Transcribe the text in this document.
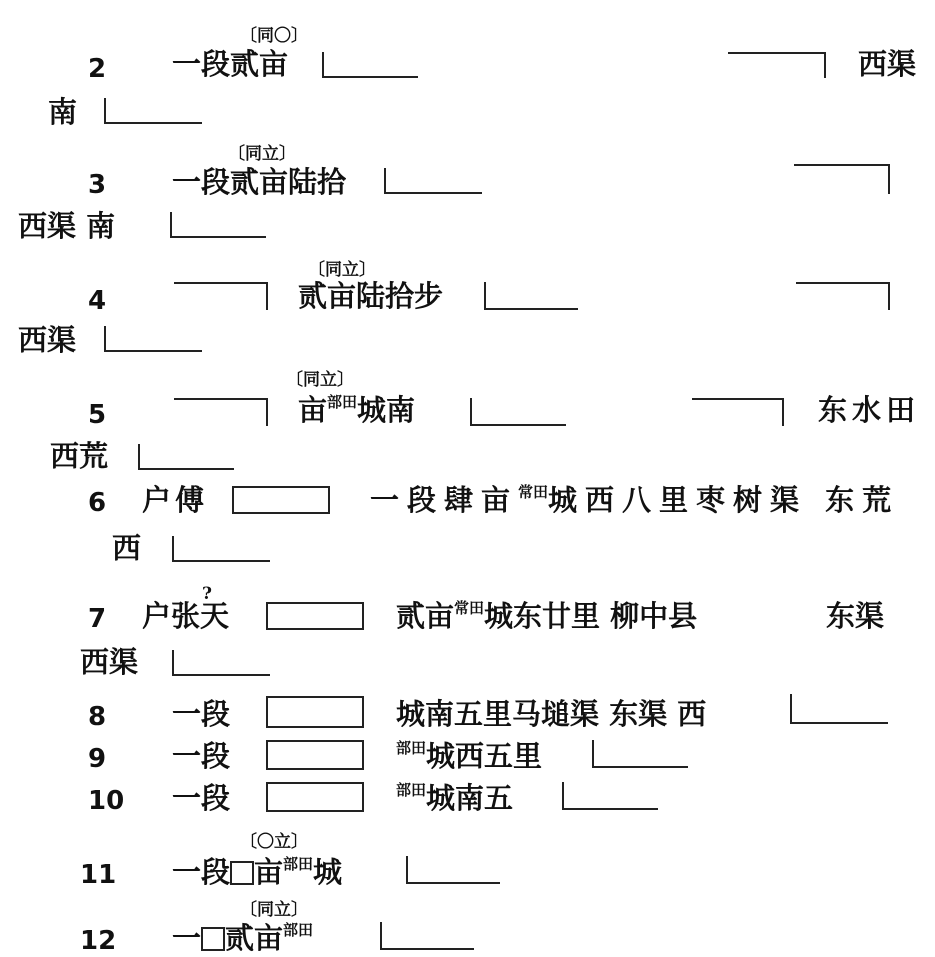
〔同〇〕
2 一段贰亩	西渠
南
〔同立〕
3 一段贰亩陆拾
西渠 南
〔同立〕
4	贰亩陆拾步
西渠
〔同立〕
5	亩$^{部田}$城南	东水田
西荒
6 户傅	一段肆亩$^{常田}$城西八里枣树渠 东荒
西
?
7 户张天	贰亩$^{常田}$城东廿里 柳中县	东渠
西渠
8 一段	城南五里马塠渠 东渠 西
9 一段	$^{部田}$城西五里
10 一段	$^{部田}$城南五
〔〇立〕
11 一段 亩$^{部田}$城
〔同立〕
12 一 贰亩$^{部田}$
